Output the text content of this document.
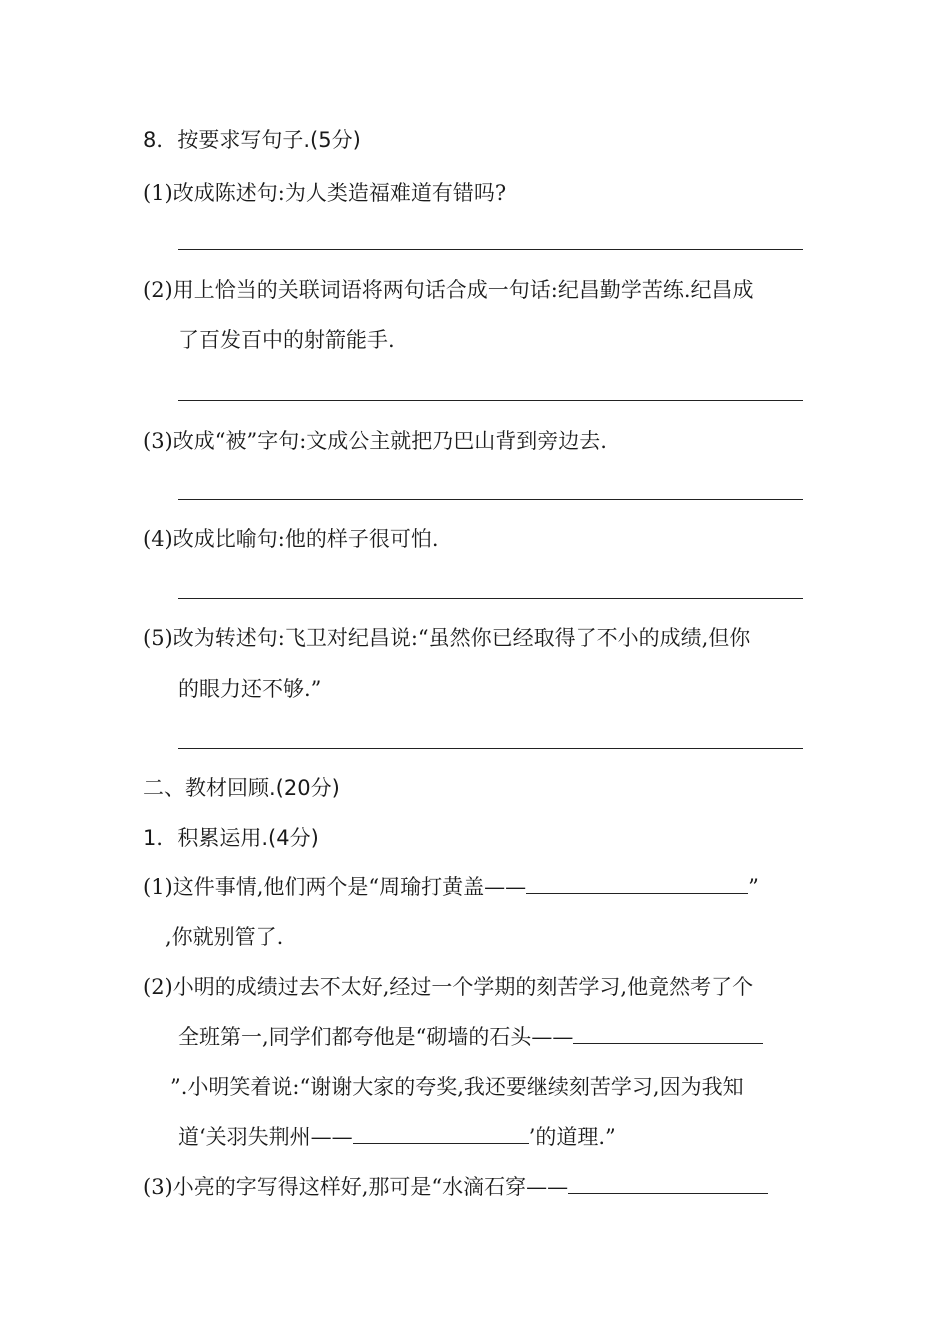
8．按要求写句子.(5分)
(1)改成陈述句:为人类造福难道有错吗?
(2)用上恰当的关联词语将两句话合成一句话:纪昌勤学苦练.纪昌成
了百发百中的射箭能手.
(3)改成“被”字句:文成公主就把乃巴山背到旁边去.
(4)改成比喻句:他的样子很可怕.
(5)改为转述句:飞卫对纪昌说:“虽然你已经取得了不小的成绩,但你
的眼力还不够.”
二、教材回顾.(20分)
1．积累运用.(4分)
(1)这件事情,他们两个是“周瑜打黄盖——	”
,你就别管了.
(2)小明的成绩过去不太好,经过一个学期的刻苦学习,他竟然考了个
全班第一,同学们都夸他是“砌墙的石头——
”.小明笑着说:“谢谢大家的夸奖,我还要继续刻苦学习,因为我知
道‘关羽失荆州——	’的道理.”
(3)小亮的字写得这样好,那可是“水滴石穿——
